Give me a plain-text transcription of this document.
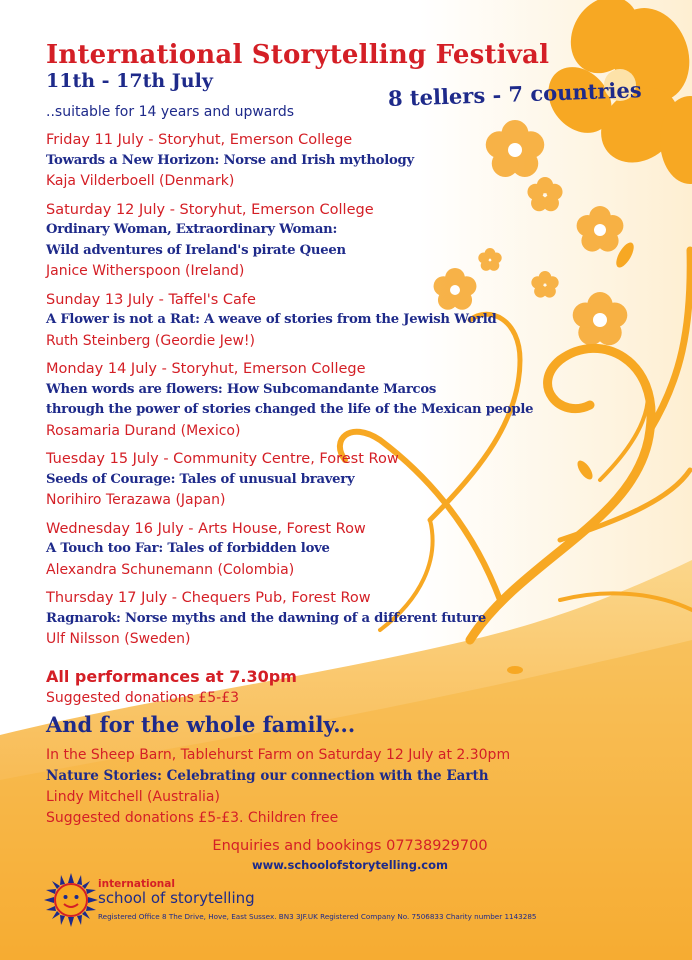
International Storytelling Festival
11th - 17th July	8 tellers - 7 countries
..suitable for 14 years and upwards
Friday 11 July - Storyhut, Emerson College
Towards a New Horizon: Norse and Irish mythology
Kaja Vilderboell (Denmark)
Saturday 12 July - Storyhut, Emerson College
Ordinary Woman, Extraordinary Woman:
Wild adventures of Ireland's pirate Queen
Janice Witherspoon (Ireland)
Sunday 13 July - Taffel's Cafe
A Flower is not a Rat: A weave of stories from the Jewish World
Ruth Steinberg (Geordie Jew!)
Monday 14 July - Storyhut, Emerson College
When words are flowers: How Subcomandante Marcos
through the power of stories changed the life of the Mexican people
Rosamaria Durand (Mexico)
Tuesday 15 July - Community Centre, Forest Row
Seeds of Courage: Tales of unusual bravery
Norihiro Terazawa (Japan)
Wednesday 16 July - Arts House, Forest Row
A Touch too Far: Tales of forbidden love
Alexandra Schunemann (Colombia)
Thursday 17 July - Chequers Pub, Forest Row
Ragnarok: Norse myths and the dawning of a different future
Ulf Nilsson (Sweden)
All performances at 7.30pm
Suggested donations £5-£3
And for the whole family...
In the Sheep Barn, Tablehurst Farm on Saturday 12 July at 2.30pm
Nature Stories: Celebrating our connection with the Earth
Lindy Mitchell (Australia)
Suggested donations £5-£3. Children free
Enquiries and bookings 07738929700
www.schoolofstorytelling.com
international
school of storytelling
Registered Office 8 The Drive, Hove, East Sussex. BN3 3JF.UK Registered Company No. 7506833 Charity number 1143285
